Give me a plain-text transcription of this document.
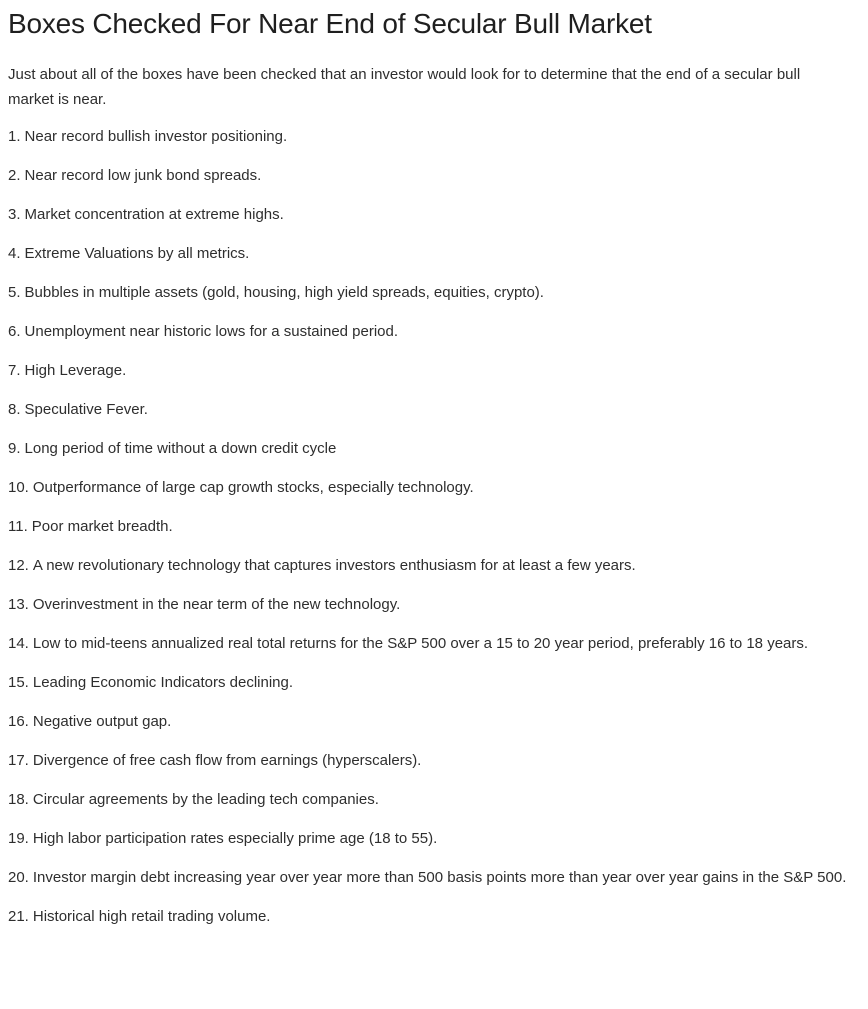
Boxes Checked For Near End of Secular Bull Market

Just about all of the boxes have been checked that an investor would look for to determine that the end of a secular bull market is near.

1. Near record bullish investor positioning.
2. Near record low junk bond spreads.
3. Market concentration at extreme highs.
4. Extreme Valuations by all metrics.
5. Bubbles in multiple assets (gold, housing, high yield spreads, equities, crypto).
6. Unemployment near historic lows for a sustained period.
7. High Leverage.
8. Speculative Fever.
9. Long period of time without a down credit cycle
10. Outperformance of large cap growth stocks, especially technology.
11. Poor market breadth.
12. A new revolutionary technology that captures investors enthusiasm for at least a few years.
13. Overinvestment in the near term of the new technology.
14. Low to mid-teens annualized real total returns for the S&P 500 over a 15 to 20 year period, preferably 16 to 18 years.
15. Leading Economic Indicators declining.
16. Negative output gap.
17. Divergence of free cash flow from earnings (hyperscalers).
18. Circular agreements by the leading tech companies.
19. High labor participation rates especially prime age (18 to 55).
20. Investor margin debt increasing year over year more than 500 basis points more than year over year gains in the S&P 500.
21. Historical high retail trading volume.
